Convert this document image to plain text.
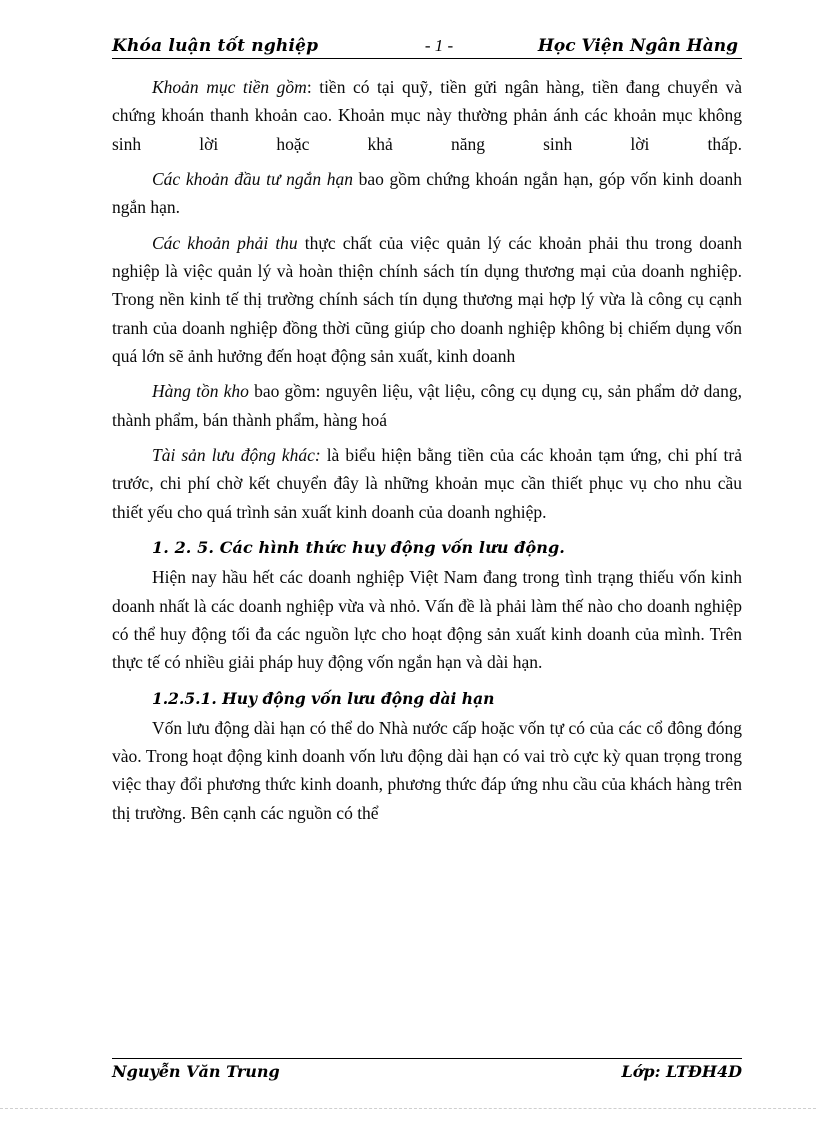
Khóa luận tốt nghiệp	- 1 -	Học Viện Ngân Hàng

Khoản mục tiền gồm: tiền có tại quỹ, tiền gửi ngân hàng, tiền đang chuyển và chứng khoán thanh khoản cao. Khoản mục này thường phản ánh các khoản mục không sinh lời hoặc khả năng sinh lời thấp.

Các khoản đầu tư ngắn hạn bao gồm chứng khoán ngắn hạn, góp vốn kinh doanh ngắn hạn.

Các khoản phải thu thực chất của việc quản lý các khoản phải thu trong doanh nghiệp là việc quản lý và hoàn thiện chính sách tín dụng thương mại của doanh nghiệp. Trong nền kinh tế thị trường chính sách tín dụng thương mại hợp lý vừa là công cụ cạnh tranh của doanh nghiệp đồng thời cũng giúp cho doanh nghiệp không bị chiếm dụng vốn quá lớn sẽ ảnh hưởng đến hoạt động sản xuất, kinh doanh

Hàng tồn kho bao gồm: nguyên liệu, vật liệu, công cụ dụng cụ, sản phẩm dở dang, thành phẩm, bán thành phẩm, hàng hoá

Tài sản lưu động khác: là biểu hiện bằng tiền của các khoản tạm ứng, chi phí trả trước, chi phí chờ kết chuyển đây là những khoản mục cần thiết phục vụ cho nhu cầu thiết yếu cho quá trình sản xuất kinh doanh của doanh nghiệp.

1. 2. 5. Các hình thức huy động vốn lưu động.

Hiện nay hầu hết các doanh nghiệp Việt Nam đang trong tình trạng thiếu vốn kinh doanh nhất là các doanh nghiệp vừa và nhỏ. Vấn đề là phải làm thế nào cho doanh nghiệp có thể huy động tối đa các nguồn lực cho hoạt động sản xuất kinh doanh của mình. Trên thực tế có nhiều giải pháp huy động vốn ngắn hạn và dài hạn.

1.2.5.1. Huy động vốn lưu động dài hạn

Vốn lưu động dài hạn có thể do Nhà nước cấp hoặc vốn tự có của các cổ đông đóng vào. Trong hoạt động kinh doanh vốn lưu động dài hạn có vai trò cực kỳ quan trọng trong việc thay đổi phương thức kinh doanh, phương thức đáp ứng nhu cầu của khách hàng trên thị trường. Bên cạnh các nguồn có thể

Nguyễn Văn Trung	Lớp: LTĐH4D
